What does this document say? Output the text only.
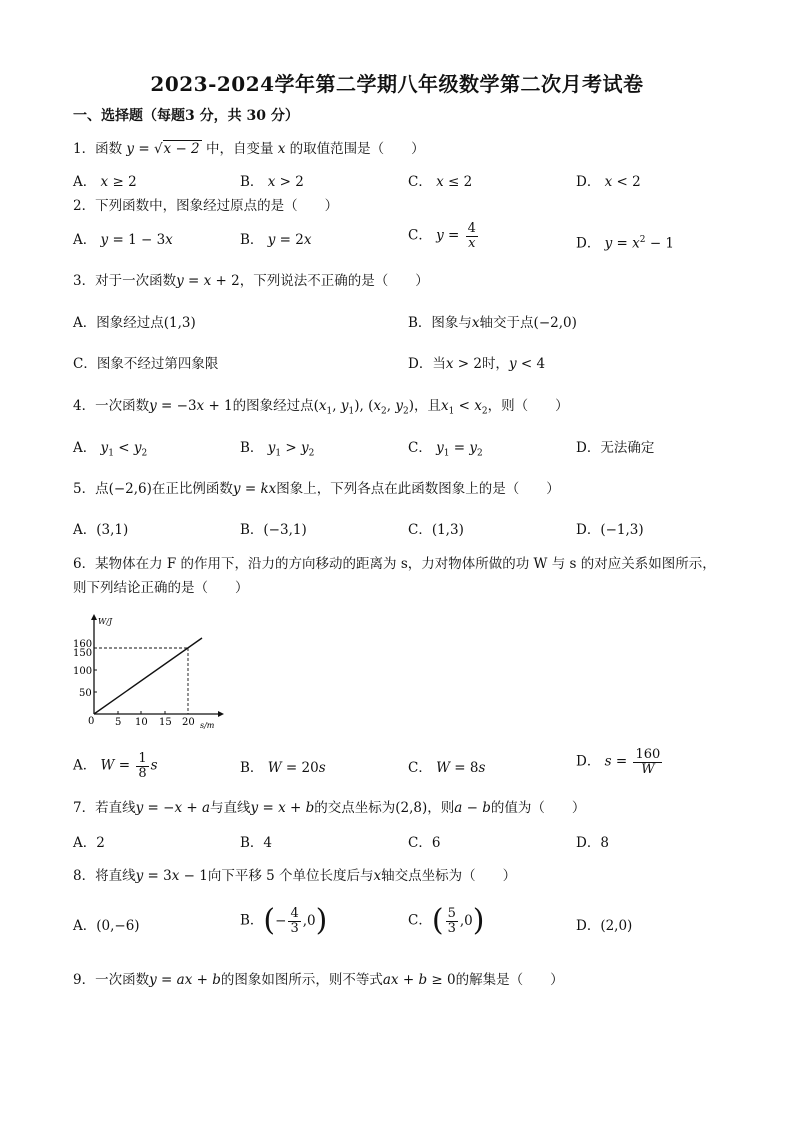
2023-2024学年第二学期八年级数学第二次月考试卷
一、选择题（每题3 分，共 30 分）
1．函数 y = √x − 2 中，自变量 x 的取值范围是（　　）
A． x ≥ 2	B． x > 2	C． x ≤ 2	D． x < 2
2．下列函数中，图象经过原点的是（　　）
A． y = 1 − 3x	B． y = 2x	C． $y = \frac{4}{x}$	D． $y = x^2 - 1$
3．对于一次函数y = x + 2，下列说法不正确的是（　　）
A．图象经过点(1,3)	B．图象与x轴交于点(−2,0)
C．图象不经过第四象限	D．当x > 2时，y < 4
4．一次函数y = −3x + 1的图象经过点($x_1$, $y_1$), ($x_2$, $y_2$)，且$x_1 < x_2$，则（　　）
A． $y_1 < y_2$	B． $y_1 > y_2$	C． $y_1 = y_2$	D．无法确定
5．点(−2,6)在正比例函数y = kx图象上，下列各点在此函数图象上的是（　　）
A．(3,1)	B．(−3,1)	C．(1,3)	D．(−1,3)
6．某物体在力 F 的作用下，沿力的方向移动的距离为 s，力对物体所做的功 W 与 s 的对应关系如图所示，
则下列结论正确的是（　　）
W/J
s/m
160
150
100
50
0 5 10 15 20
A． $W = \frac{1}{8}$ s	B． W = 20s	C． W = 8s	D． $s = \frac{160}{W}$
7．若直线y = −x + a与直线y = x + b的交点坐标为(2,8)，则a − b的值为（　　）
A．2	B．4	C．6	D．8
8．将直线y = 3x − 1向下平移 5 个单位长度后与x轴交点坐标为（　　）
A．(0,−6)	B． ( − $\frac{4}{3} ,0$ )	C． ( $\frac{5}{3} ,0$ )	D．(2,0)
9．一次函数y = ax + b的图象如图所示，则不等式ax + b ≥ 0的解集是（　　）
